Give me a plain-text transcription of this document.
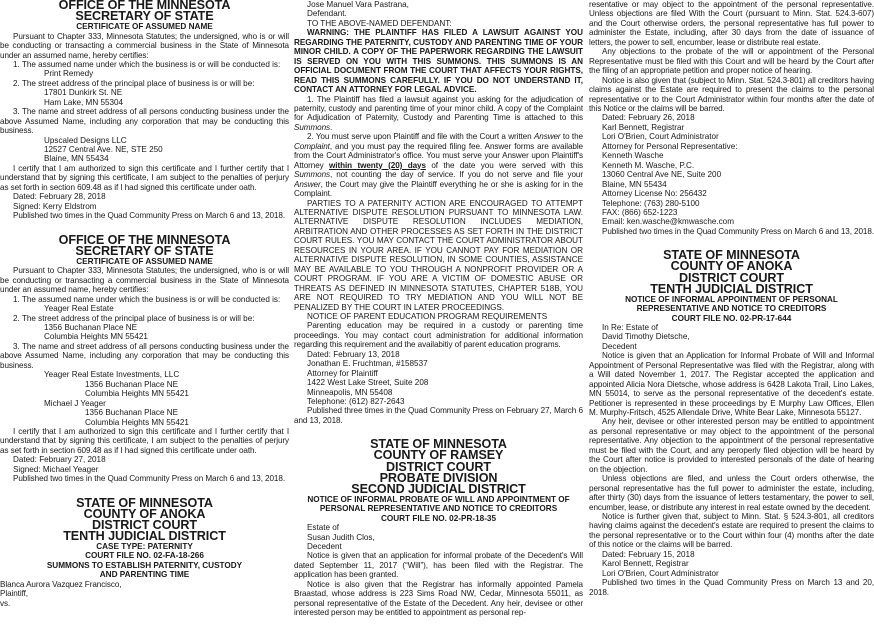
OFFICE OF THE MINNESOTA
SECRETARY OF STATE
CERTIFICATE OF ASSUMED NAME

Pursuant to Chapter 333, Minnesota Statutes; the undersigned, who is or will be conducting or transacting a commercial business in the State of Minnesota under an assumed name, hereby certifies:

1. The assumed name under which the business is or will be conducted is:

Print Remedy

2. The street address of the principal place of business is or will be:

17801 Dunkirk St. NE

Ham Lake, MN 55304

3. The name and street address of all persons conducting business under the above Assumed Name, including any corporation that may be conducting this business.

Upscaled Designs LLC

12527 Central Ave. NE, STE 250

Blaine, MN 55434

I certify that I am authorized to sign this certificate and I further certify that I understand that by signing this certificate, I am subject to the penalties of perjury as set forth in section 609.48 as if I had signed this certificate under oath.

Dated: February 28, 2018

Signed: Kerry Eldstrom

Published two times in the Quad Community Press on March 6 and 13, 2018.

OFFICE OF THE MINNESOTA
SECRETARY OF STATE
CERTIFICATE OF ASSUMED NAME

Pursuant to Chapter 333, Minnesota Statutes; the undersigned, who is or will be conducting or transacting a commercial business in the State of Minnesota under an assumed name, hereby certifies:

1. The assumed name under which the business is or will be conducted is:

Yeager Real Estate

2. The street address of the principal place of business is or will be:

1356 Buchanan Place NE

Columbia Heights MN 55421

3. The name and street address of all persons conducting business under the above Assumed Name, including any corporation that may be conducting this business.

Yeager Real Estate Investments, LLC

1356 Buchanan Place NE

Columbia Heights MN 55421

Michael J Yeager

1356 Buchanan Place NE

Columbia Heights MN 55421

I certify that I am authorized to sign this certificate and I further certify that I understand that by signing this certificate, I am subject to the penalties of perjury as set forth in section 609.48 as if I had signed this certificate under oath.

Dated: February 27, 2018

Signed: Michael Yeager

Published two times in the Quad Community Press on March 6 and 13, 2018.

STATE OF MINNESOTA
COUNTY OF ANOKA
DISTRICT COURT
TENTH JUDICIAL DISTRICT
CASE TYPE: PATERNITY
COURT FILE NO. 02-FA-18-266
SUMMONS TO ESTABLISH PATERNITY, CUSTODY
AND PARENTING TIME

Blanca Aurora Vazquez Francisco,

Plaintiff,

vs.

Jose Manuel Vara Pastrana,

Defendant.

TO THE ABOVE-NAMED DEFENDANT:

WARNING: THE PLAINTIFF HAS FILED A LAWSUIT AGAINST YOU REGARDING THE PATERNITY, CUSTODY AND PARENTING TIME OF YOUR MINOR CHILD. A COPY OF THE PAPERWORK REGARDING THE LAWSUIT IS SERVED ON YOU WITH THIS SUMMONS. THIS SUMMONS IS AN OFFICIAL DOCUMENT FROM THE COURT THAT AFFECTS YOUR RIGHTS, READ THIS SUMMONS CAREFULLY. IF YOU DO NOT UNDERSTAND IT, CONTACT AN ATTORNEY FOR LEGAL ADVICE.

1. The Plaintiff has filed a lawsuit against you asking for the adjudication of paternity, custody and parenting time of your minor child. A copy of the Complaint for Adjudication of Paternity, Custody and Parenting Time is attached to this Summons.

2. You must serve upon Plaintiff and file with the Court a written Answer to the Complaint, and you must pay the required filing fee. Answer forms are available from the Court Administrator's office. You must serve your Answer upon Plaintiff's Attorney within twenty (20) days of the date you were served with this Summons, not counting the day of service. If you do not serve and file your Answer, the Court may give the Plaintiff everything he or she is asking for in the Complaint.

PARTIES TO A PATERNITY ACTION ARE ENCOURAGED TO ATTEMPT ALTERNATIVE DISPUTE RESOLUTION PURSUANT TO MINNESOTA LAW. ALTERNATIVE DISPUTE RESOLUTION INCLUDES MEDIATION, ARBITRATION AND OTHER PROCESSES AS SET FORTH IN THE DISTRICT COURT RULES. YOU MAY CONTACT THE COURT ADMINISTRATOR ABOUT RESOURCES IN YOUR AREA. IF YOU CANNOT PAY FOR MEDIATION OR ALTERNATIVE DISPUTE RESOLUTION, IN SOME COUNTIES, ASSISTANCE MAY BE AVAILABLE TO YOU THROUGH A NONPROFIT PROVIDER OR A COURT PROGRAM. IF YOU ARE A VICTIM OF DOMESTIC ABUSE OR THREATS AS DEFINED IN MINNESOTA STATUTES, CHAPTER 518B, YOU ARE NOT REQUIRED TO TRY MEDIATION AND YOU WILL NOT BE PENALIZED BY THE COURT IN LATER PROCEEDINGS.

NOTICE OF PARENT EDUCATION PROGRAM REQUIREMENTS

Parenting education may be required in a custody or parenting time proceedings. You may contact court administration for additional information regarding this requirement and the availabitiy of parent education programs.

Dated: February 13, 2018

Jonathan E. Fruchtman, #158537

Attorney for Plaintiff

1422 West Lake Street, Suite 208

Minneapolis, MN 55408

Telephone: (612) 827-2643

Published three times in the Quad Community Press on February 27, March 6 and 13, 2018.

STATE OF MINNESOTA
COUNTY OF RAMSEY
DISTRICT COURT
PROBATE DIVISION
SECOND JUDICIAL DISTRICT
NOTICE OF INFORMAL PROBATE OF WILL AND APPOINTMENT OF
PERSONAL REPRESENTATIVE AND NOTICE TO CREDITORS
COURT FILE NO. 02-PR-18-35

Estate of

Susan Judith Clos,

Decedent

Notice is given that an application for informal probate of the Decedent's Will dated September 11, 2017 (“Will”), has been filed with the Registrar. The application has been granted.

Notice is also given that the Registrar has informally appointed Pamela Braastad, whose address is 223 Sims Road NW, Cedar, Minnesota 55011, as personal representative of the Estate of the Decedent. Any heir, devisee or other interested person may be entitled to appointment as personal rep-

resentative or may object to the appointment of the personal representative. Unless objections are filed With the Court (pursuant to Minn. Stat. 524.3-607) and the Court otherwise orders, the personal representative has full power to administer the Estate, including, after 30 days from the date of issuance of letters, the power to sell, encumber, lease or distribute real estate.

Any objections to the probate of the will or appointment of the Personal Representative must be filed with this Court and will be heard by the Court after the filing of an appropriate petition and proper notice of hearing.

Notice is also given that (subject to Minn. Stat. 524.3-801) all creditors having claims against the Estate are required to present the claims to the personal representative or to the Court Administrator within four months after the date of this Notice or the claims will be barred.

Dated: February 26, 2018

Karl Bennett, Registrar

Lori O'Brien, Court Administrator

Attorney for Personal Representative:

Kenneth Wasche

Kenneth M. Wasche, P.C.

13060 Central Ave NE, Suite 200

Blaine, MN 55434

Attorney License No: 256432

Telephone: (763) 280-5100

FAX: (866) 652-1223

Email: ken.wasche@kmwasche.com

Published two times in the Quad Community Press on March 6 and 13, 2018.

STATE OF MINNESOTA
COUNTY OF ANOKA
DISTRICT COURT
TENTH JUDICIAL DISTRICT
NOTICE OF INFORMAL APPOINTMENT OF PERSONAL
REPRESENTATIVE AND NOTICE TO CREDITORS
COURT FILE NO. 02-PR-17-644

In Re: Estate of

David Timothy Dietsche,

Decedent

Notice is given that an Application for Informal Probate of Will and Informal Appointment of Personal Representative was filed with the Registrar, along with a Will dated November 1, 2017. The Registar accepted the application and appointed Alicia Nora Dietsche, whose address is 6428 Lakota Trail, Lino Lakes, MN 55014, to serve as the personal representative of the decedent's estate. Petitioner is represented in these proceedings by E Murphy Law Offices, Ellen M. Murphy-Fritsch, 4525 Allendale Drive, White Bear Lake, Minnesota 55127.

Any heir, devisee or other interested person may be entitled to appointment as personal representative or may object to the appointment of the personal representative. Any objection to the appointment of the personal representative must be filed with the Court, and any peroperly filed objection will be heard by the Court after notice is provided to interested personals of the date of hearing on the objection.

Unless objections are filed, and unless the Court orders otherwise, the personal representative has the full power to administer the estate, including, after thirty (30) days from the issuance of letters testamentary, the power to sell, encumber, lease, or distribute any interest in real estate owned by the decedent.

Notice is further given that, subject to Minn. Stat. § 524.3-801, all creditors having claims against the decedent's estate are required to present the claims to the personal representative or to the Court within four (4) months after the date of this notice or the claims will be barred.

Dated: February 15, 2018

Karol Bennett, Registrar

Lori O'Brien, Court Administrator

Published two times in the Quad Community Press on March 13 and 20, 2018.
